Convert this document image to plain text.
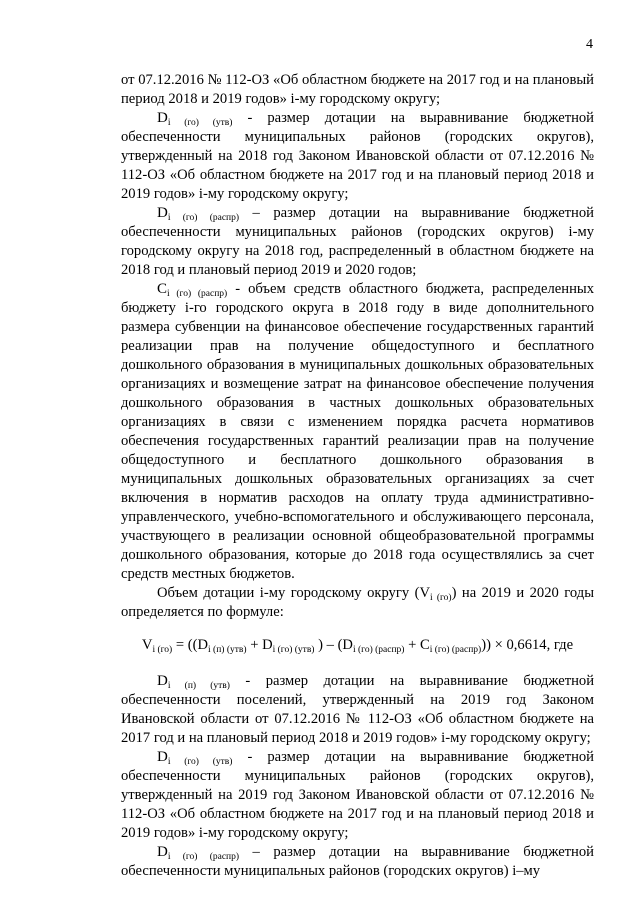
4

от 07.12.2016 № 112-ОЗ «Об областном бюджете на 2017 год и на плановый период 2018 и 2019 годов» i-му городскому округу;

$D_{i (го) (утв)}$ - размер дотации на выравнивание бюджетной обеспеченности муниципальных районов (городских округов), утвержденный на 2018 год Законом Ивановской области от 07.12.2016 № 112-ОЗ «Об областном бюджете на 2017 год и на плановый период 2018 и 2019 годов» i-му городскому округу;

$D_{i (го) (распр)}$ – размер дотации на выравнивание бюджетной обеспеченности муниципальных районов (городских округов) i-му городскому округу на 2018 год, распределенный в областном бюджете на 2018 год и плановый период 2019 и 2020 годов;

$С_{i (го) (распр)}$ - объем средств областного бюджета, распределенных бюджету i-го городского округа в 2018 году в виде дополнительного размера субвенции на финансовое обеспечение государственных гарантий реализации прав на получение общедоступного и бесплатного дошкольного образования в муниципальных дошкольных образовательных организациях и возмещение затрат на финансовое обеспечение получения дошкольного образования в частных дошкольных образовательных организациях в связи с изменением порядка расчета нормативов обеспечения государственных гарантий реализации прав на получение общедоступного и бесплатного дошкольного образования в муниципальных дошкольных образовательных организациях за счет включения в норматив расходов на оплату труда административно-управленческого, учебно-вспомогательного и обслуживающего персонала, участвующего в реализации основной общеобразовательной программы дошкольного образования, которые до 2018 года осуществлялись за счет средств местных бюджетов.

Объем дотации i-му городскому округу $(V_{i (го)})$ на 2019 и 2020 годы определяется по формуле:

$V_{i (го)} = ((D_{i (п) (утв)} + D_{i (го) (утв)}$ ) – $(D_{i (го) (распр)} + С_{i (го) (распр)})) \times 0,6614$, где

$D_{i (п) (утв)}$ - размер дотации на выравнивание бюджетной обеспеченности поселений, утвержденный на 2019 год Законом Ивановской области от 07.12.2016 № 112-ОЗ «Об областном бюджете на 2017 год и на плановый период 2018 и 2019 годов» i-му городскому округу;

$D_{i (го) (утв)}$ - размер дотации на выравнивание бюджетной обеспеченности муниципальных районов (городских округов), утвержденный на 2019 год Законом Ивановской области от 07.12.2016 № 112-ОЗ «Об областном бюджете на 2017 год и на плановый период 2018 и 2019 годов» i-му городскому округу;

$D_{i (го) (распр)}$ – размер дотации на выравнивание бюджетной обеспеченности муниципальных районов (городских округов) i–му
